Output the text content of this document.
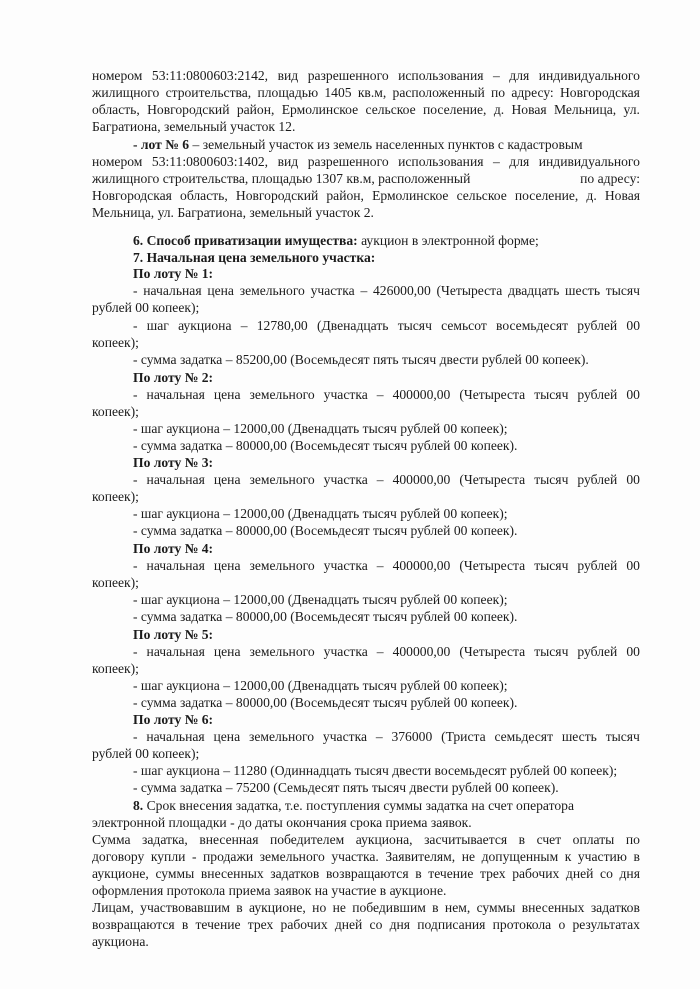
номером 53:11:0800603:2142, вид разрешенного использования – для индивидуального

жилищного строительства, площадью 1405 кв.м, расположенный по адресу: Новгородская

область, Новгородский район, Ермолинское сельское поселение, д. Новая Мельница, ул.

Багратиона, земельный участок 12.

- лот № 6 – земельный участок из земель населенных пунктов с кадастровым

номером 53:11:0800603:1402, вид разрешенного использования – для индивидуального

жилищного строительства, площадью 1307 кв.м, расположенный	по адресу:

Новгородская область, Новгородский район, Ермолинское сельское поселение, д. Новая

Мельница, ул. Багратиона, земельный участок 2.

6. Способ приватизации имущества: аукцион в электронной форме;

7. Начальная цена земельного участка:

По лоту № 1:

- начальная цена земельного участка – 426000,00 (Четыреста двадцать шесть тысяч

рублей 00 копеек);

- шаг аукциона – 12780,00 (Двенадцать тысяч семьсот восемьдесят рублей 00

копеек);

- сумма задатка – 85200,00 (Восемьдесят пять тысяч двести рублей 00 копеек).

По лоту № 2:

- начальная цена земельного участка – 400000,00 (Четыреста тысяч рублей 00

копеек);

- шаг аукциона – 12000,00 (Двенадцать тысяч рублей 00 копеек);

- сумма задатка – 80000,00 (Восемьдесят тысяч рублей 00 копеек).

По лоту № 3:

- начальная цена земельного участка – 400000,00 (Четыреста тысяч рублей 00

копеек);

- шаг аукциона – 12000,00 (Двенадцать тысяч рублей 00 копеек);

- сумма задатка – 80000,00 (Восемьдесят тысяч рублей 00 копеек).

По лоту № 4:

- начальная цена земельного участка – 400000,00 (Четыреста тысяч рублей 00

копеек);

- шаг аукциона – 12000,00 (Двенадцать тысяч рублей 00 копеек);

- сумма задатка – 80000,00 (Восемьдесят тысяч рублей 00 копеек).

По лоту № 5:

- начальная цена земельного участка – 400000,00 (Четыреста тысяч рублей 00

копеек);

- шаг аукциона – 12000,00 (Двенадцать тысяч рублей 00 копеек);

- сумма задатка – 80000,00 (Восемьдесят тысяч рублей 00 копеек).

По лоту № 6:

- начальная цена земельного участка – 376000 (Триста семьдесят шесть тысяч

рублей 00 копеек);

- шаг аукциона – 11280 (Одиннадцать тысяч двести восемьдесят рублей 00 копеек);

- сумма задатка – 75200 (Семьдесят пять тысяч двести рублей 00 копеек).

8. Срок внесения задатка, т.е. поступления суммы задатка на счет оператора

электронной площадки - до даты окончания срока приема заявок.

Сумма задатка, внесенная победителем аукциона, засчитывается в счет оплаты по

договору купли - продажи земельного участка. Заявителям, не допущенным к участию в

аукционе, суммы внесенных задатков возвращаются в течение трех рабочих дней со дня

оформления протокола приема заявок на участие в аукционе.

Лицам, участвовавшим в аукционе, но не победившим в нем, суммы внесенных задатков

возвращаются в течение трех рабочих дней со дня подписания протокола о результатах

аукциона.
